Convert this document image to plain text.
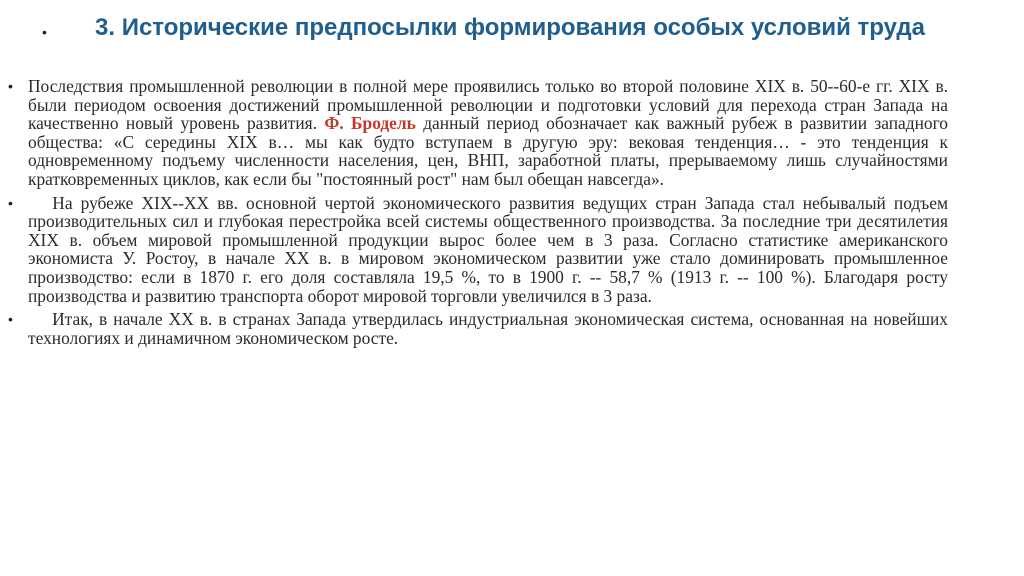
•	3. Исторические предпосылки формирования особых условий труда
• Последствия промышленной революции в полной мере проявились только во второй половине XIX в. 50--60-е гг. XIX в. были периодом освоения достижений промышленной революции и подготовки условий для перехода стран Запада на качественно новый уровень развития. Ф. Бродель данный период обозначает как важный рубеж в развитии западного общества: «С середины XIX в… мы как будто вступаем в другую эру: вековая тенденция… - это тенденция к одновременному подъему численности населения, цен, ВНП, заработной платы, прерываемому лишь случайностями кратковременных циклов, как если бы "постоянный рост" нам был обещан навсегда».
• На рубеже XIX--XX вв. основной чертой экономического развития ведущих стран Запада стал небывалый подъем производительных сил и глубокая перестройка всей системы общественного производства. За последние три десятилетия XIX в. объем мировой промышленной продукции вырос более чем в 3 раза. Согласно статистике американского экономиста У. Ростоу, в начале XX в. в мировом экономическом развитии уже стало доминировать промышленное производство: если в 1870 г. его доля составляла 19,5 %, то в 1900 г. -- 58,7 % (1913 г. -- 100 %). Благодаря росту производства и развитию транспорта оборот мировой торговли увеличился в 3 раза.
• Итак, в начале XX в. в странах Запада утвердилась индустриальная экономическая система, основанная на новейших технологиях и динамичном экономическом росте.
